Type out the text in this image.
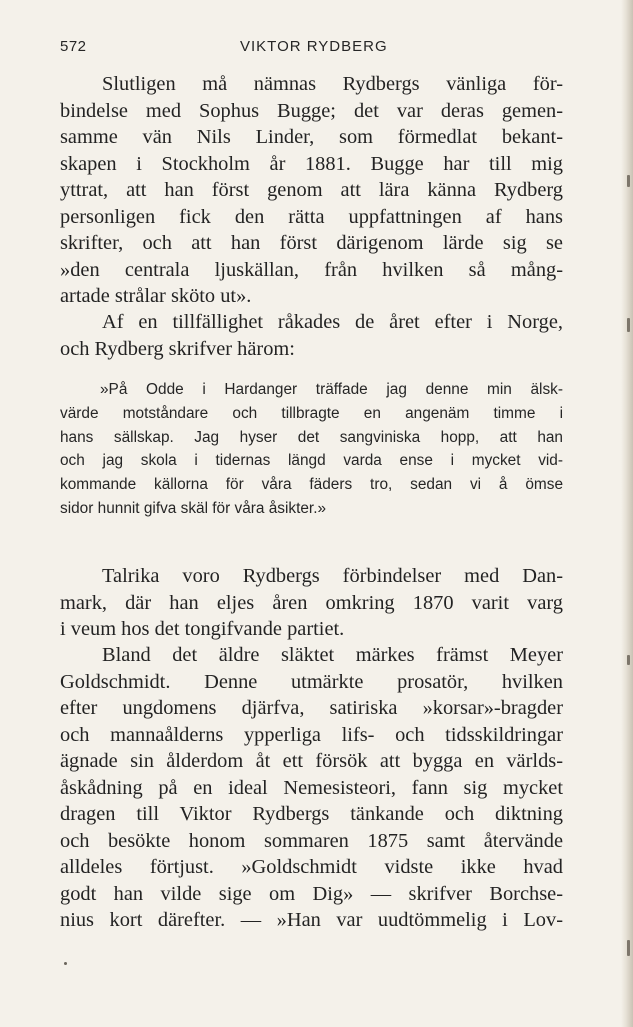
572	VIKTOR RYDBERG
Slutligen må nämnas Rydbergs vänliga för-
bindelse med Sophus Bugge; det var deras gemen-
samme vän Nils Linder, som förmedlat bekant-
skapen i Stockholm år 1881. Bugge har till mig
yttrat, att han först genom att lära känna Rydberg
personligen fick den rätta uppfattningen af hans
skrifter, och att han först därigenom lärde sig se
»den centrala ljuskällan, från hvilken så mång-
artade strålar sköto ut».
Af en tillfällighet råkades de året efter i Norge,
och Rydberg skrifver härom:
»På Odde i Hardanger träffade jag denne min älsk-
värde motståndare och tillbragte en angenäm timme i
hans sällskap. Jag hyser det sangviniska hopp, att han
och jag skola i tidernas längd varda ense i mycket vid-
kommande källorna för våra fäders tro, sedan vi å ömse
sidor hunnit gifva skäl för våra åsikter.»
Talrika voro Rydbergs förbindelser med Dan-
mark, där han eljes åren omkring 1870 varit varg
i veum hos det tongifvande partiet.
Bland det äldre släktet märkes främst Meyer
Goldschmidt. Denne utmärkte prosatör, hvilken
efter ungdomens djärfva, satiriska »korsar»-bragder
och mannaålderns ypperliga lifs- och tidsskildringar
ägnade sin ålderdom åt ett försök att bygga en världs-
åskådning på en ideal Nemesisteori, fann sig mycket
dragen till Viktor Rydbergs tänkande och diktning
och besökte honom sommaren 1875 samt återvände
alldeles förtjust. »Goldschmidt vidste ikke hvad
godt han vilde sige om Dig» — skrifver Borchse-
nius kort därefter. — »Han var uudtömmelig i Lov-
